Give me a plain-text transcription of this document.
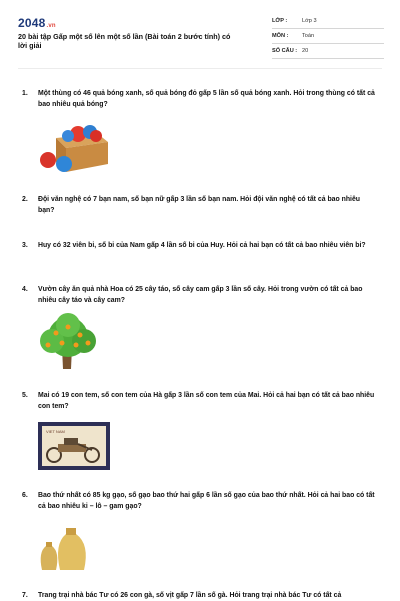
2048.vn
20 bài tập Gấp một số lên một số lần (Bài toán 2 bước tính) có lời giải
LỚP :	Lớp 3
MÔN : Toán
SỐ CÂU : 20
1. Một thùng có 46 quả bóng xanh, số quả bóng đỏ gấp 5 lần số quả bóng xanh. Hỏi trong thùng có tất cả bao nhiêu quả bóng?
2. Đội văn nghệ có 7 bạn nam, số bạn nữ gấp 3 lần số bạn nam. Hỏi đội văn nghệ có tất cả bao nhiêu bạn?
3. Huy có 32 viên bi, số bi của Nam gấp 4 lần số bi của Huy. Hỏi cả hai bạn có tất cả bao nhiêu viên bi?
4. Vườn cây ăn quả nhà Hoa có 25 cây táo, số cây cam gấp 3 lần số cây. Hỏi trong vườn có tất cả bao nhiêu cây táo và cây cam?
5. Mai có 19 con tem, số con tem của Hà gấp 3 lần số con tem của Mai. Hỏi cả hai bạn có tất cả bao nhiêu con tem?
VIET NAM
6. Bao thứ nhất có 85 kg gạo, số gạo bao thứ hai gấp 6 lần số gạo của bao thứ nhất. Hỏi cả hai bao có tất cả bao nhiêu ki – lô – gam gạo?
7. Trang trại nhà bác Tư có 26 con gà, số vịt gấp 7 lần số gà. Hỏi trang trại nhà bác Tư có tất cả
